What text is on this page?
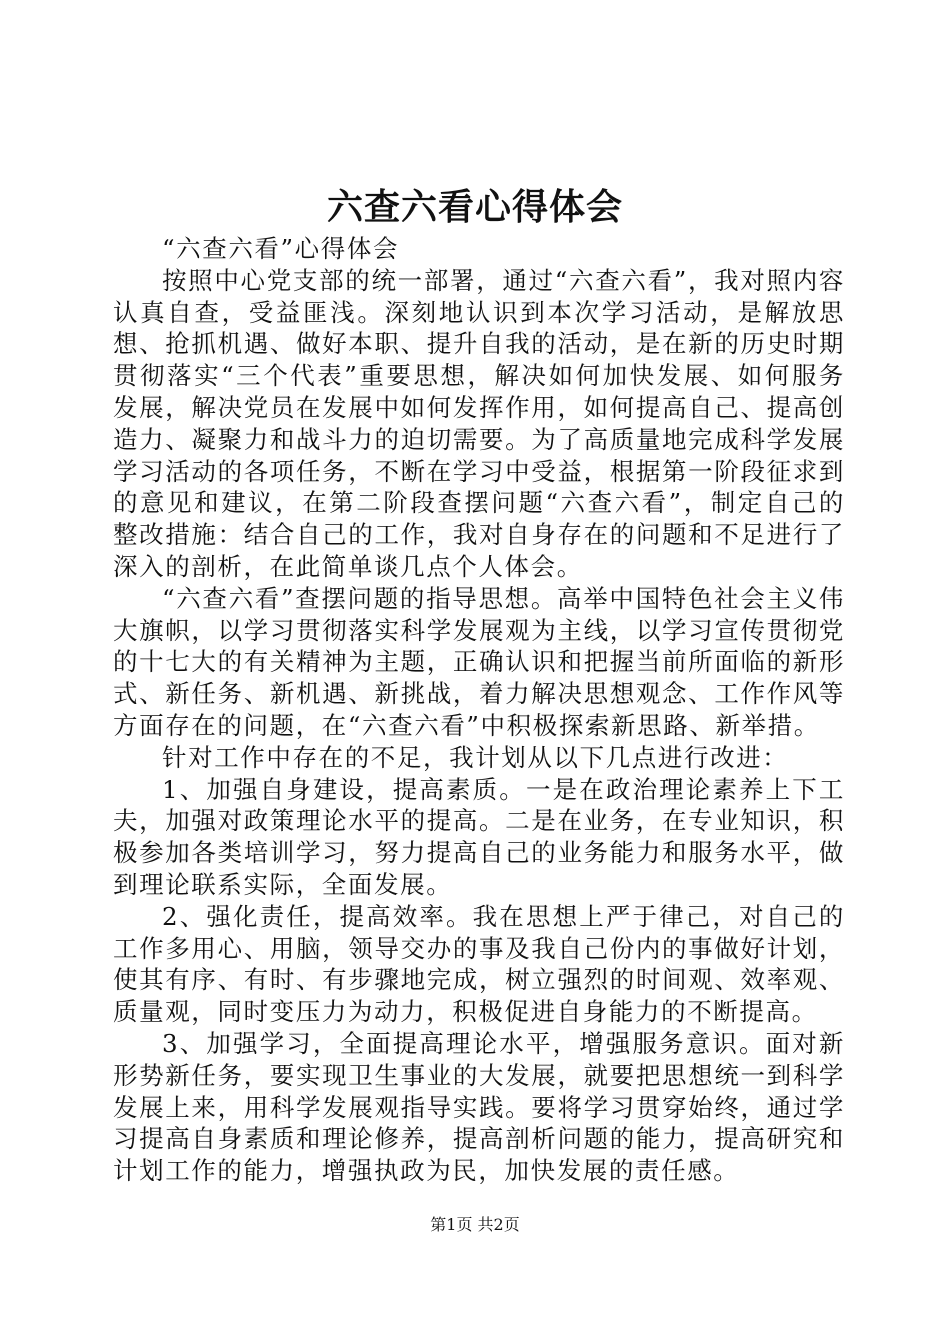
六查六看心得体会

“六查六看”心得体会

按照中心党支部的统一部署，通过“六查六看”，我对照内容认真自查，受益匪浅。深刻地认识到本次学习活动，是解放思想、抢抓机遇、做好本职、提升自我的活动，是在新的历史时期贯彻落实“三个代表”重要思想，解决如何加快发展、如何服务发展，解决党员在发展中如何发挥作用，如何提高自己、提高创造力、凝聚力和战斗力的迫切需要。为了高质量地完成科学发展学习活动的各项任务，不断在学习中受益，根据第一阶段征求到的意见和建议，在第二阶段查摆问题“六查六看”，制定自己的整改措施：结合自己的工作，我对自身存在的问题和不足进行了深入的剖析，在此简单谈几点个人体会。

“六查六看”查摆问题的指导思想。高举中国特色社会主义伟大旗帜，以学习贯彻落实科学发展观为主线，以学习宣传贯彻党的十七大的有关精神为主题，正确认识和把握当前所面临的新形式、新任务、新机遇、新挑战，着力解决思想观念、工作作风等方面存在的问题，在“六查六看”中积极探索新思路、新举措。

针对工作中存在的不足，我计划从以下几点进行改进：

1、加强自身建设，提高素质。一是在政治理论素养上下工夫，加强对政策理论水平的提高。二是在业务，在专业知识，积极参加各类培训学习，努力提高自己的业务能力和服务水平，做到理论联系实际，全面发展。

2、强化责任，提高效率。我在思想上严于律己，对自己的工作多用心、用脑，领导交办的事及我自己份内的事做好计划，使其有序、有时、有步骤地完成，树立强烈的时间观、效率观、质量观，同时变压力为动力，积极促进自身能力的不断提高。

3、加强学习，全面提高理论水平，增强服务意识。面对新形势新任务，要实现卫生事业的大发展，就要把思想统一到科学发展上来，用科学发展观指导实践。要将学习贯穿始终，通过学习提高自身素质和理论修养，提高剖析问题的能力，提高研究和计划工作的能力，增强执政为民，加快发展的责任感。

第1页 共2页
